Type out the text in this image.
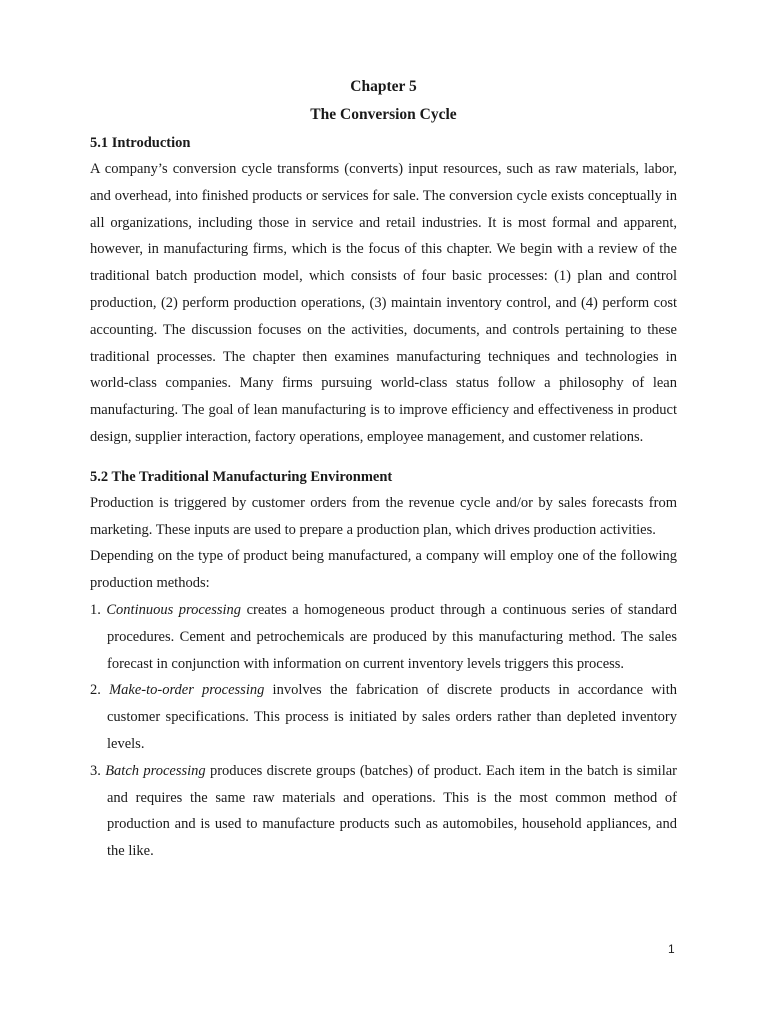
Chapter 5
The Conversion Cycle
5.1 Introduction

A company’s conversion cycle transforms (converts) input resources, such as raw materials, labor, and overhead, into finished products or services for sale. The conversion cycle exists conceptually in all organizations, including those in service and retail industries. It is most formal and apparent, however, in manufacturing firms, which is the focus of this chapter. We begin with a review of the traditional batch production model, which consists of four basic processes: (1) plan and control production, (2) perform production operations, (3) maintain inventory control, and (4) perform cost accounting. The discussion focuses on the activities, documents, and controls pertaining to these traditional processes. The chapter then examines manufacturing techniques and technologies in world-class companies. Many firms pursuing world-class status follow a philosophy of lean manufacturing. The goal of lean manufacturing is to improve efficiency and effectiveness in product design, supplier interaction, factory operations, employee management, and customer relations.

5.2 The Traditional Manufacturing Environment

Production is triggered by customer orders from the revenue cycle and/or by sales forecasts from marketing. These inputs are used to prepare a production plan, which drives production activities.

Depending on the type of product being manufactured, a company will employ one of the following production methods:

1. Continuous processing creates a homogeneous product through a continuous series of standard procedures. Cement and petrochemicals are produced by this manufacturing method. The sales forecast in conjunction with information on current inventory levels triggers this process.
2. Make-to-order processing involves the fabrication of discrete products in accordance with customer specifications. This process is initiated by sales orders rather than depleted inventory levels.
3. Batch processing produces discrete groups (batches) of product. Each item in the batch is similar and requires the same raw materials and operations. This is the most common method of production and is used to manufacture products such as automobiles, household appliances, and the like.
1
